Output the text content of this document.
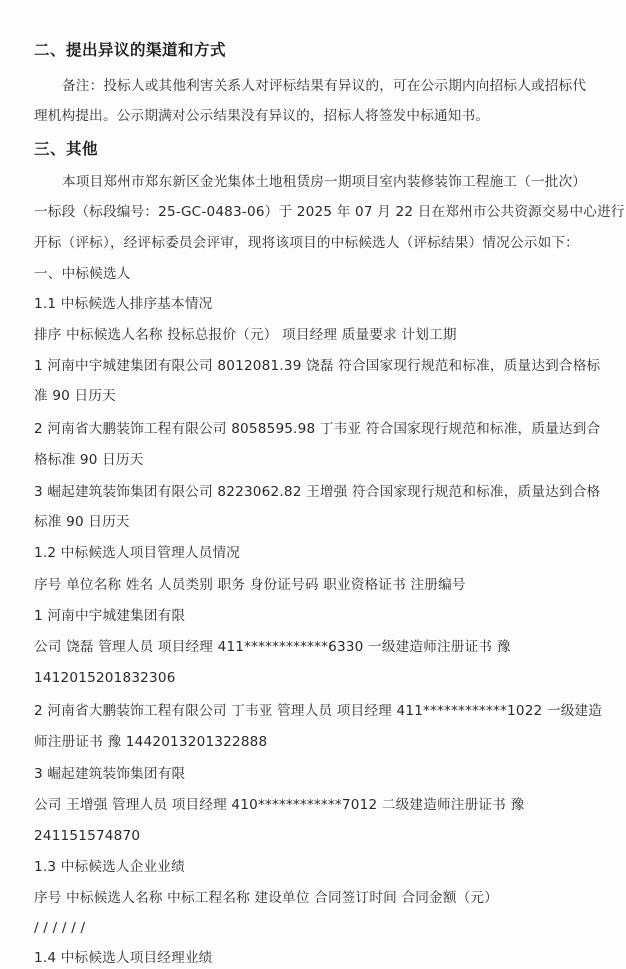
二、提出异议的渠道和方式
备注：投标人或其他利害关系人对评标结果有异议的，可在公示期内向招标人或招标代
理机构提出。公示期满对公示结果没有异议的，招标人将签发中标通知书。
三、其他
本项目郑州市郑东新区金光集体土地租赁房一期项目室内装修装饰工程施工（一批次）
一标段（标段编号：25-GC-0483-06）于 2025 年 07 月 22 日在郑州市公共资源交易中心进行
开标（评标），经评标委员会评审，现将该项目的中标候选人（评标结果）情况公示如下：
一、中标候选人
1.1 中标候选人排序基本情况
排序 中标候选人名称 投标总报价（元） 项目经理 质量要求 计划工期
1 河南中宇城建集团有限公司 8012081.39 饶磊 符合国家现行规范和标准，质量达到合格标
准 90 日历天
2 河南省大鹏装饰工程有限公司 8058595.98 丁韦亚 符合国家现行规范和标准，质量达到合
格标准 90 日历天
3 崛起建筑装饰集团有限公司 8223062.82 王增强 符合国家现行规范和标准，质量达到合格
标准 90 日历天
1.2 中标候选人项目管理人员情况
序号 单位名称 姓名 人员类别 职务 身份证号码 职业资格证书 注册编号
1 河南中宇城建集团有限
公司 饶磊 管理人员 项目经理 411************6330 一级建造师注册证书 豫
1412015201832306
2 河南省大鹏装饰工程有限公司 丁韦亚 管理人员 项目经理 411************1022 一级建造
师注册证书 豫 1442013201322888
3 崛起建筑装饰集团有限
公司 王增强 管理人员 项目经理 410************7012 二级建造师注册证书 豫
241151574870
1.3 中标候选人企业业绩
序号 中标候选人名称 中标工程名称 建设单位 合同签订时间 合同金额（元）
/ / / / / /
1.4 中标候选人项目经理业绩
